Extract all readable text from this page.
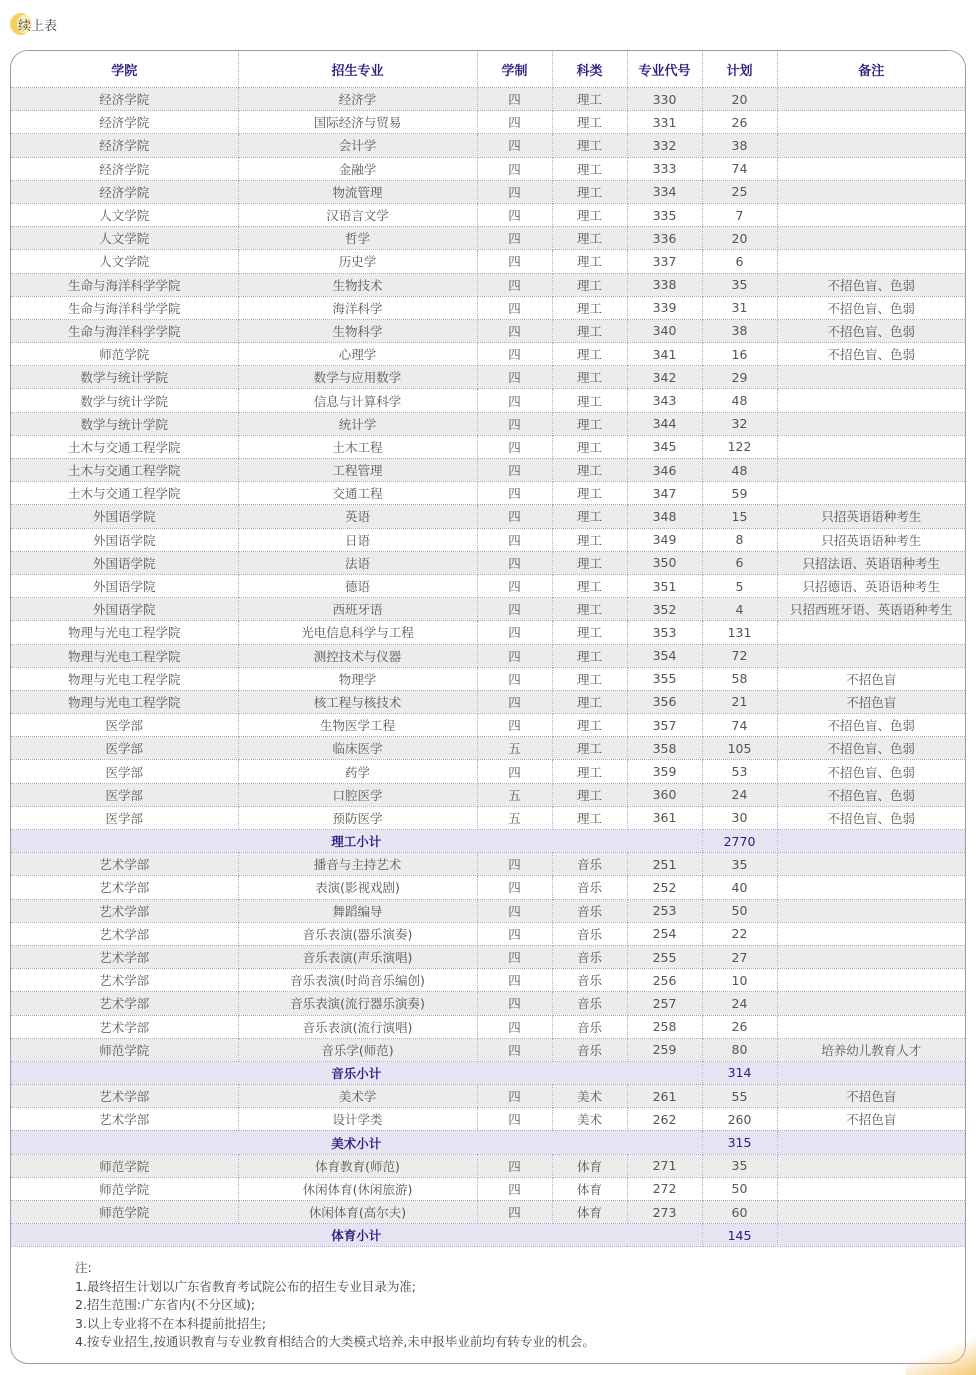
续上表
学院	招生专业	学制	科类	专业代号	计划	备注
经济学院	经济学	四	理工	330	20	
经济学院	国际经济与贸易	四	理工	331	26	
经济学院	会计学	四	理工	332	38	
经济学院	金融学	四	理工	333	74	
经济学院	物流管理	四	理工	334	25	
人文学院	汉语言文学	四	理工	335	7	
人文学院	哲学	四	理工	336	20	
人文学院	历史学	四	理工	337	6	
生命与海洋科学学院	生物技术	四	理工	338	35	不招色盲、色弱
生命与海洋科学学院	海洋科学	四	理工	339	31	不招色盲、色弱
生命与海洋科学学院	生物科学	四	理工	340	38	不招色盲、色弱
师范学院	心理学	四	理工	341	16	不招色盲、色弱
数学与统计学院	数学与应用数学	四	理工	342	29	
数学与统计学院	信息与计算科学	四	理工	343	48	
数学与统计学院	统计学	四	理工	344	32	
土木与交通工程学院	土木工程	四	理工	345	122	
土木与交通工程学院	工程管理	四	理工	346	48	
土木与交通工程学院	交通工程	四	理工	347	59	
外国语学院	英语	四	理工	348	15	只招英语语种考生
外国语学院	日语	四	理工	349	8	只招英语语种考生
外国语学院	法语	四	理工	350	6	只招法语、英语语种考生
外国语学院	德语	四	理工	351	5	只招德语、英语语种考生
外国语学院	西班牙语	四	理工	352	4	只招西班牙语、英语语种考生
物理与光电工程学院	光电信息科学与工程	四	理工	353	131	
物理与光电工程学院	测控技术与仪器	四	理工	354	72	
物理与光电工程学院	物理学	四	理工	355	58	不招色盲
物理与光电工程学院	核工程与核技术	四	理工	356	21	不招色盲
医学部	生物医学工程	四	理工	357	74	不招色盲、色弱
医学部	临床医学	五	理工	358	105	不招色盲、色弱
医学部	药学	四	理工	359	53	不招色盲、色弱
医学部	口腔医学	五	理工	360	24	不招色盲、色弱
医学部	预防医学	五	理工	361	30	不招色盲、色弱
理工小计					2770	
艺术学部	播音与主持艺术	四	音乐	251	35	
艺术学部	表演(影视戏剧)	四	音乐	252	40	
艺术学部	舞蹈编导	四	音乐	253	50	
艺术学部	音乐表演(器乐演奏)	四	音乐	254	22	
艺术学部	音乐表演(声乐演唱)	四	音乐	255	27	
艺术学部	音乐表演(时尚音乐编创)	四	音乐	256	10	
艺术学部	音乐表演(流行器乐演奏)	四	音乐	257	24	
艺术学部	音乐表演(流行演唱)	四	音乐	258	26	
师范学院	音乐学(师范)	四	音乐	259	80	培养幼儿教育人才
音乐小计					314	
艺术学部	美术学	四	美术	261	55	不招色盲
艺术学部	设计学类	四	美术	262	260	不招色盲
美术小计					315	
师范学院	体育教育(师范)	四	体育	271	35	
师范学院	休闲体育(休闲旅游)	四	体育	272	50	
师范学院	休闲体育(高尔夫)	四	体育	273	60	
体育小计					145	
注:
1.最终招生计划以广东省教育考试院公布的招生专业目录为准;
2.招生范围:广东省内(不分区域);
3.以上专业将不在本科提前批招生;
4.按专业招生,按通识教育与专业教育相结合的大类模式培养,未申报毕业前均有转专业的机会。
